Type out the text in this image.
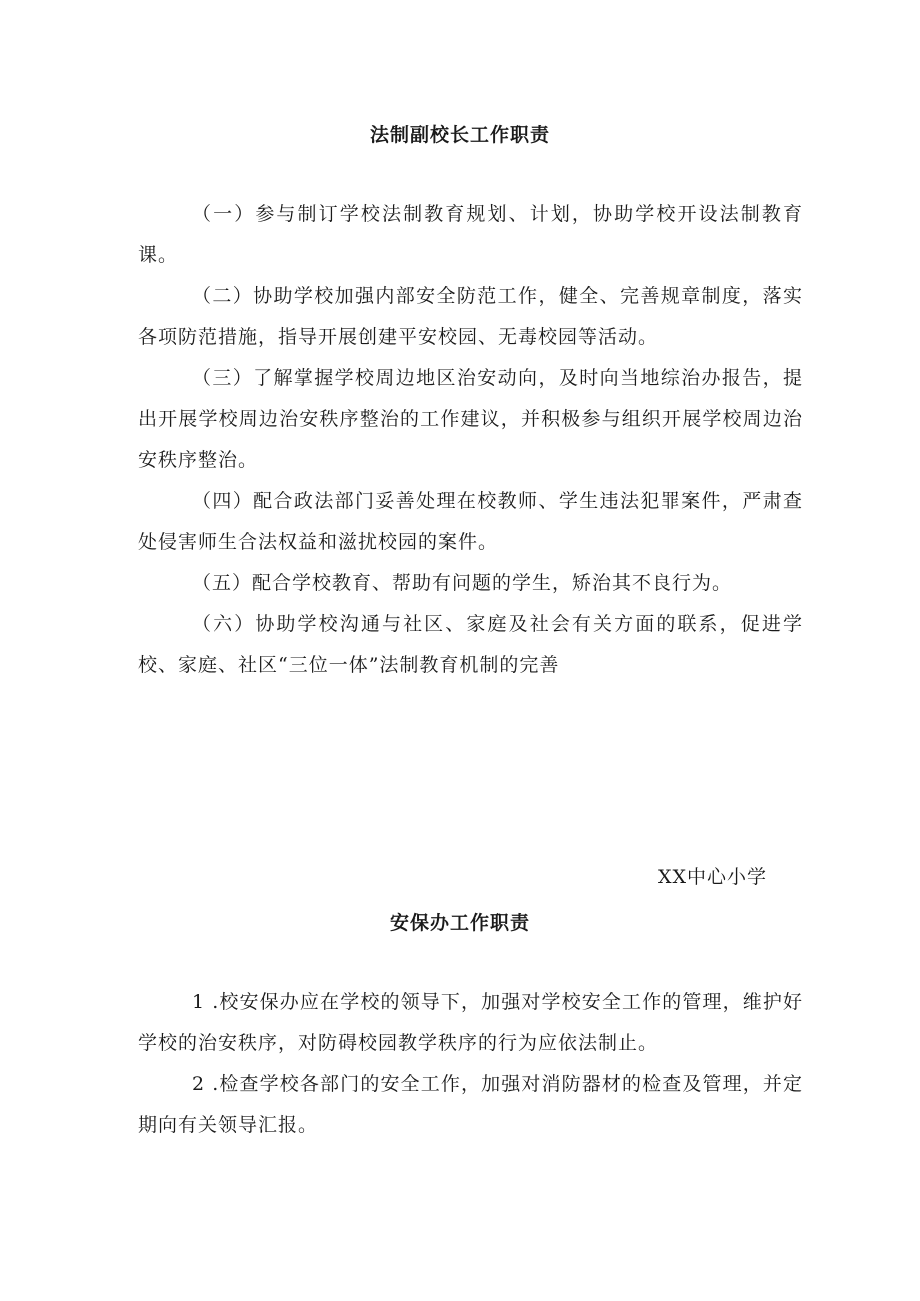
法制副校长工作职责

（一）参与制订学校法制教育规划、计划，协助学校开设法制教育课。

（二）协助学校加强内部安全防范工作，健全、完善规章制度，落实各项防范措施，指导开展创建平安校园、无毒校园等活动。

（三）了解掌握学校周边地区治安动向，及时向当地综治办报告，提出开展学校周边治安秩序整治的工作建议，并积极参与组织开展学校周边治安秩序整治。

（四）配合政法部门妥善处理在校教师、学生违法犯罪案件，严肃查处侵害师生合法权益和滋扰校园的案件。

（五）配合学校教育、帮助有问题的学生，矫治其不良行为。

（六）协助学校沟通与社区、家庭及社会有关方面的联系，促进学校、家庭、社区“三位一体”法制教育机制的完善

XX中心小学

安保办工作职责

1 .校安保办应在学校的领导下，加强对学校安全工作的管理，维护好学校的治安秩序，对防碍校园教学秩序的行为应依法制止。

2 .检查学校各部门的安全工作，加强对消防器材的检查及管理，并定期向有关领导汇报。
